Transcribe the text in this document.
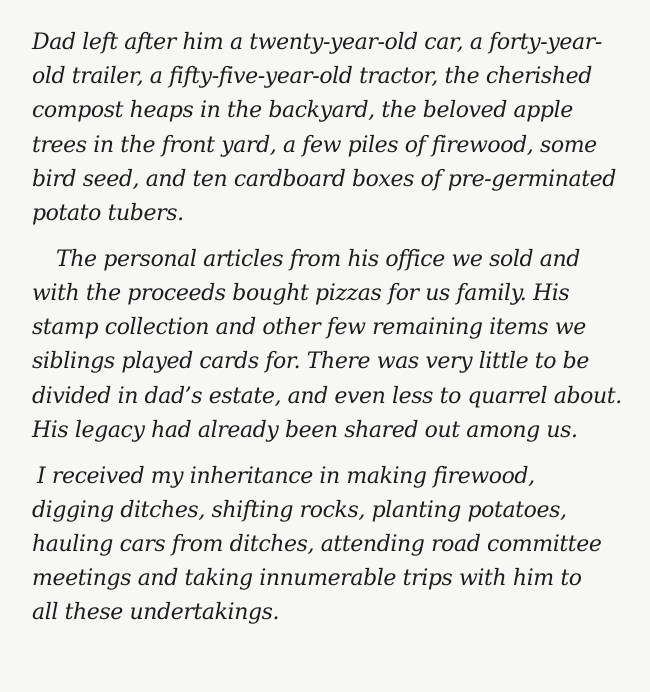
Dad left after him a twenty-year-old car, a forty-year-
old trailer, a fifty-five-year-old tractor, the cherished
compost heaps in the backyard, the beloved apple
trees in the front yard, a few piles of firewood, some
bird seed, and ten cardboard boxes of pre-germinated
potato tubers.
The personal articles from his office we sold and
with the proceeds bought pizzas for us family. His
stamp collection and other few remaining items we
siblings played cards for. There was very little to be
divided in dad’s estate, and even less to quarrel about.
His legacy had already been shared out among us.
I received my inheritance in making firewood,
digging ditches, shifting rocks, planting potatoes,
hauling cars from ditches, attending road committee
meetings and taking innumerable trips with him to
all these undertakings.
